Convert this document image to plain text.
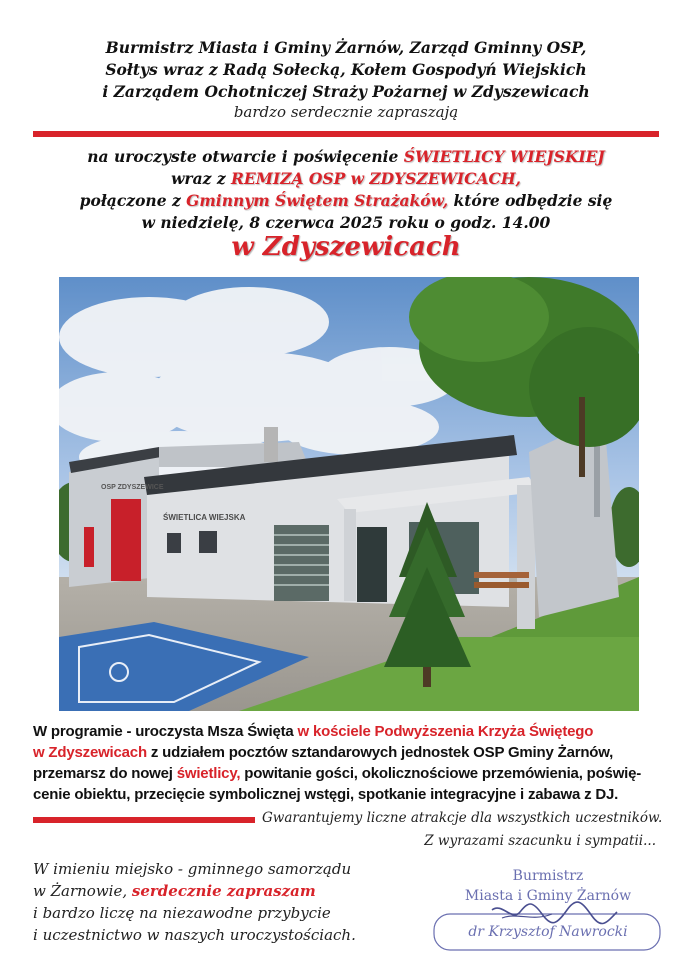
Burmistrz Miasta i Gminy Żarnów, Zarząd Gminny OSP,
Sołtys wraz z Radą Sołecką, Kołem Gospodyń Wiejskich
i Zarządem Ochotniczej Straży Pożarnej w Zdyszewicach
bardzo serdecznie zapraszają
na uroczyste otwarcie i poświęcenie ŚWIETLICY WIEJSKIEJ
wraz z REMIZĄ OSP w ZDYSZEWICACH,
połączone z Gminnym Świętem Strażaków, które odbędzie się
w niedzielę, 8 czerwca 2025 roku o godz. 14.00
w Zdyszewicach
OSP ZDYSZEWICE
ŚWIETLICA WIEJSKA
W programie - uroczysta Msza Święta w kościele Podwyższenia Krzyża Świętego
w Zdyszewicach z udziałem pocztów sztandarowych jednostek OSP Gminy Żarnów,
przemarsz do nowej świetlicy, powitanie gości, okolicznościowe przemówienia, poświę-
cenie obiektu, przecięcie symbolicznej wstęgi, spotkanie integracyjne i zabawa z DJ.
Gwarantujemy liczne atrakcje dla wszystkich uczestników.
Z wyrazami szacunku i sympatii...
W imieniu miejsko - gminnego samorządu
w Żarnowie, serdecznie zapraszam
i bardzo liczę na niezawodne przybycie
i uczestnictwo w naszych uroczystościach.
Burmistrz
Miasta i Gminy Żarnów
dr Krzysztof Nawrocki
